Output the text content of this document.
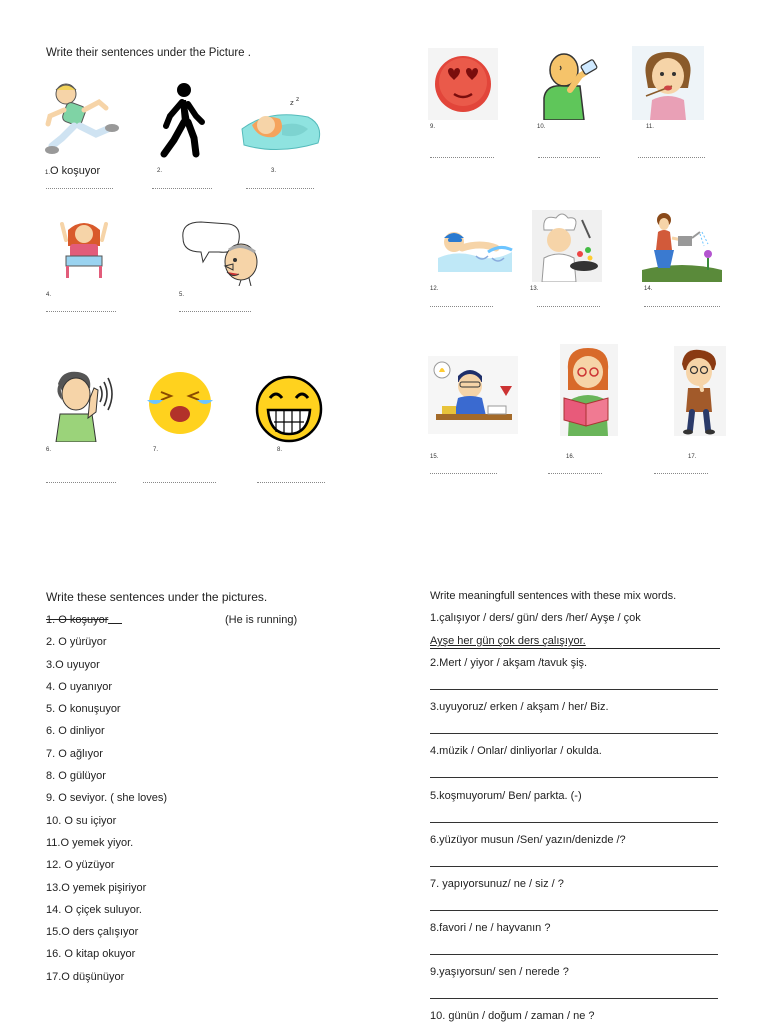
Write their sentences under the Picture .
1.O koşuyor	2.
z z
3.
4.	5.
6.	7.	8.
9.	10.	11.
12.	13.	14.
15.	16.	17.
Write these sentences under the pictures.
1. O koşuyor
2. O yürüyor
3.O uyuyor
4. O uyanıyor
5. O konuşuyor
6. O dinliyor
7. O ağlıyor
8. O gülüyor
9. O seviyor. ( she loves)
10. O su içiyor
11.O yemek yiyor.
12. O yüzüyor
13.O yemek pişiriyor
14. O çiçek suluyor.
15.O ders çalışıyor
16. O kitap okuyor
17.O düşünüyor
(He is running)
Write meaningfull sentences with these mix words.
1.çalışıyor / ders/ gün/ ders /her/ Ayşe / çok
Ayşe her gün çok ders çalışıyor.
2.Mert / yiyor / akşam /tavuk şiş.
3.uyuyoruz/ erken / akşam / her/ Biz.
4.müzik / Onlar/ dinliyorlar / okulda.
5.koşmuyorum/ Ben/ parkta. (-)
6.yüzüyor musun /Sen/ yazın/denizde /?
7. yapıyorsunuz/ ne / siz / ?
8.favori / ne / hayvanın ?
9.yaşıyorsun/ sen / nerede ?
10. günün / doğum / zaman / ne ?
